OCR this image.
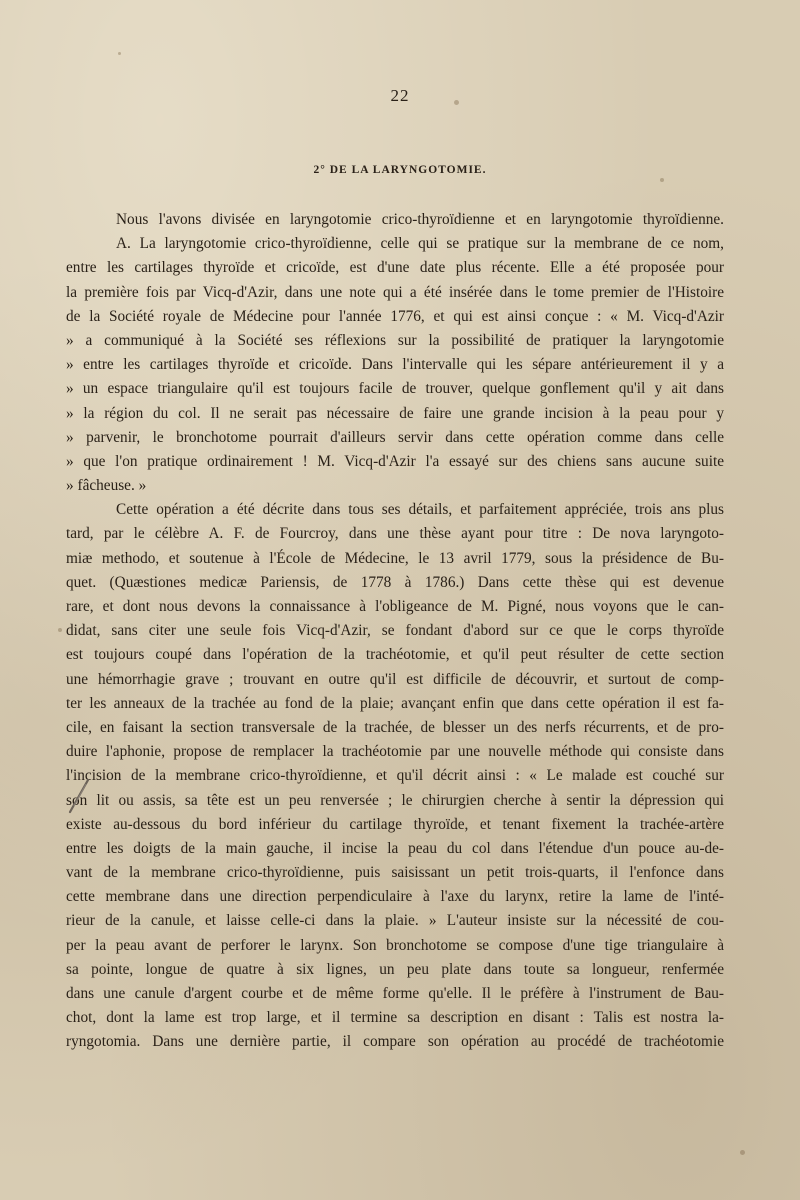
22
2° DE LA LARYNGOTOMIE.
Nous l'avons divisée en laryngotomie crico-thyroïdienne et en laryngotomie thyroïdienne.
A. La laryngotomie crico-thyroïdienne, celle qui se pratique sur la membrane de ce nom,
entre les cartilages thyroïde et cricoïde, est d'une date plus récente. Elle a été proposée pour
la première fois par Vicq-d'Azir, dans une note qui a été insérée dans le tome premier de l'Histoire
de la Société royale de Médecine pour l'année 1776, et qui est ainsi conçue : « M. Vicq-d'Azir
» a communiqué à la Société ses réflexions sur la possibilité de pratiquer la laryngotomie
» entre les cartilages thyroïde et cricoïde. Dans l'intervalle qui les sépare antérieurement il y a
» un espace triangulaire qu'il est toujours facile de trouver, quelque gonflement qu'il y ait dans
» la région du col. Il ne serait pas nécessaire de faire une grande incision à la peau pour y
» parvenir, le bronchotome pourrait d'ailleurs servir dans cette opération comme dans celle
» que l'on pratique ordinairement ! M. Vicq-d'Azir l'a essayé sur des chiens sans aucune suite
» fâcheuse. »
Cette opération a été décrite dans tous ses détails, et parfaitement appréciée, trois ans plus
tard, par le célèbre A. F. de Fourcroy, dans une thèse ayant pour titre : De nova laryngoto-
miæ methodo, et soutenue à l'École de Médecine, le 13 avril 1779, sous la présidence de Bu-
quet. (Quæstiones medicæ Pariensis, de 1778 à 1786.) Dans cette thèse qui est devenue
rare, et dont nous devons la connaissance à l'obligeance de M. Pigné, nous voyons que le can-
didat, sans citer une seule fois Vicq-d'Azir, se fondant d'abord sur ce que le corps thyroïde
est toujours coupé dans l'opération de la trachéotomie, et qu'il peut résulter de cette section
une hémorrhagie grave ; trouvant en outre qu'il est difficile de découvrir, et surtout de comp-
ter les anneaux de la trachée au fond de la plaie; avançant enfin que dans cette opération il est fa-
cile, en faisant la section transversale de la trachée, de blesser un des nerfs récurrents, et de pro-
duire l'aphonie, propose de remplacer la trachéotomie par une nouvelle méthode qui consiste dans
l'incision de la membrane crico-thyroïdienne, et qu'il décrit ainsi : « Le malade est couché sur
son lit ou assis, sa tête est un peu renversée ; le chirurgien cherche à sentir la dépression qui
existe au-dessous du bord inférieur du cartilage thyroïde, et tenant fixement la trachée-artère
entre les doigts de la main gauche, il incise la peau du col dans l'étendue d'un pouce au-de-
vant de la membrane crico-thyroïdienne, puis saisissant un petit trois-quarts, il l'enfonce dans
cette membrane dans une direction perpendiculaire à l'axe du larynx, retire la lame de l'inté-
rieur de la canule, et laisse celle-ci dans la plaie. » L'auteur insiste sur la nécessité de cou-
per la peau avant de perforer le larynx. Son bronchotome se compose d'une tige triangulaire à
sa pointe, longue de quatre à six lignes, un peu plate dans toute sa longueur, renfermée
dans une canule d'argent courbe et de même forme qu'elle. Il le préfère à l'instrument de Bau-
chot, dont la lame est trop large, et il termine sa description en disant : Talis est nostra la-
ryngotomia. Dans une dernière partie, il compare son opération au procédé de trachéotomie
